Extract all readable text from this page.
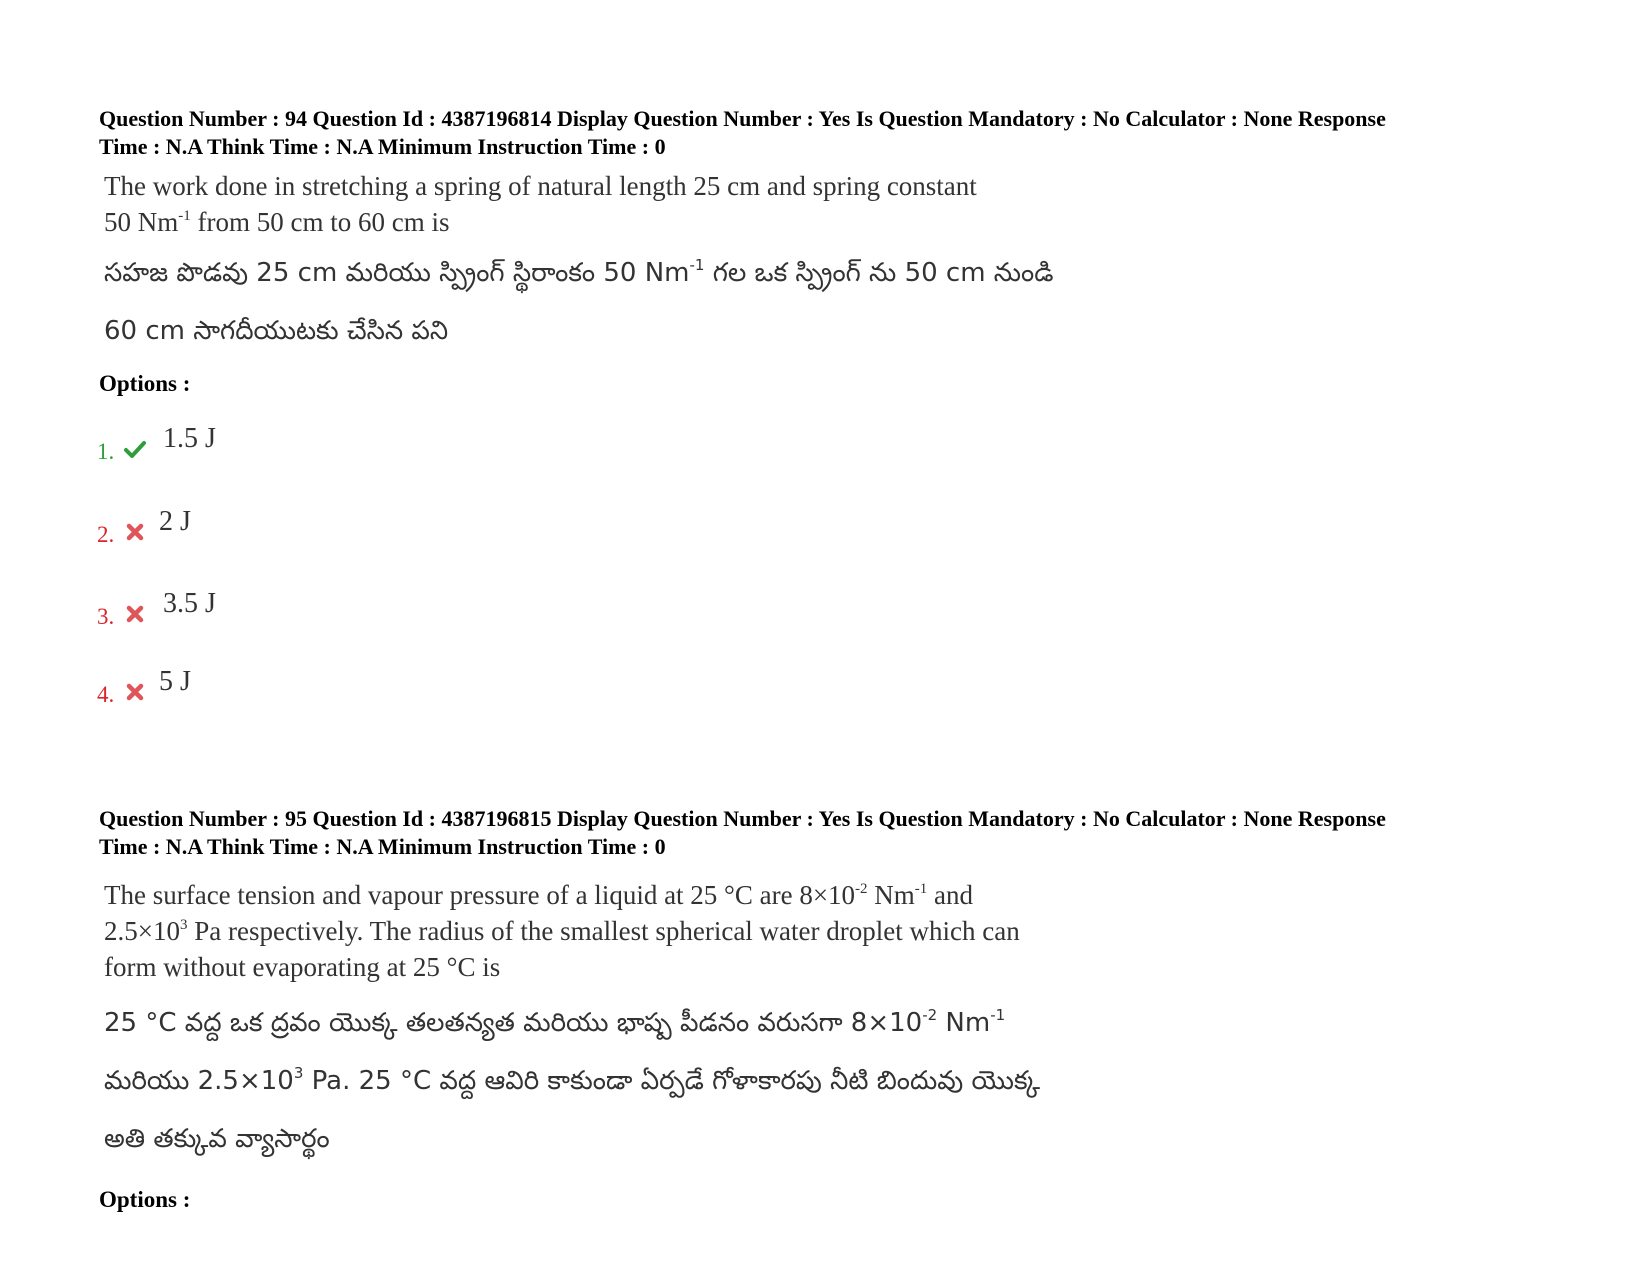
Question Number : 94 Question Id : 4387196814 Display Question Number : Yes Is Question Mandatory : No Calculator : None Response
Time : N.A Think Time : N.A Minimum Instruction Time : 0
The work done in stretching a spring of natural length 25 cm and spring constant
50 $Nm^{-1}$ from 50 cm to 60 cm is
సహజ పొడవు 25 cm మరియు స్ప్రింగ్ స్థిరాంకం 50 $Nm^{-1}$ గల ఒక స్ప్రింగ్ ను 50 cm నుండి
60 cm సాగదీయుటకు చేసిన పని
Options :
1. 1.5 J
2. 2 J
3. 3.5 J
4. 5 J
Question Number : 95 Question Id : 4387196815 Display Question Number : Yes Is Question Mandatory : No Calculator : None Response
Time : N.A Think Time : N.A Minimum Instruction Time : 0
The surface tension and vapour pressure of a liquid at 25 °C are $8\times 10^{-2}$ $Nm^{-1}$ and
$2.5\times 10^3$ Pa respectively. The radius of the smallest spherical water droplet which can
form without evaporating at 25 °C is
25 °C వద్ద ఒక ద్రవం యొక్క తలతన్యత మరియు భాష్ప పీడనం వరుసగా $8\times 10^{-2}$ $Nm^{-1}$
మరియు $2.5\times 10^3$ Pa. 25 °C వద్ద ఆవిరి కాకుండా ఏర్పడే గోళాకారపు నీటి బిందువు యొక్క
అతి తక్కువ వ్యాసార్థం
Options :
